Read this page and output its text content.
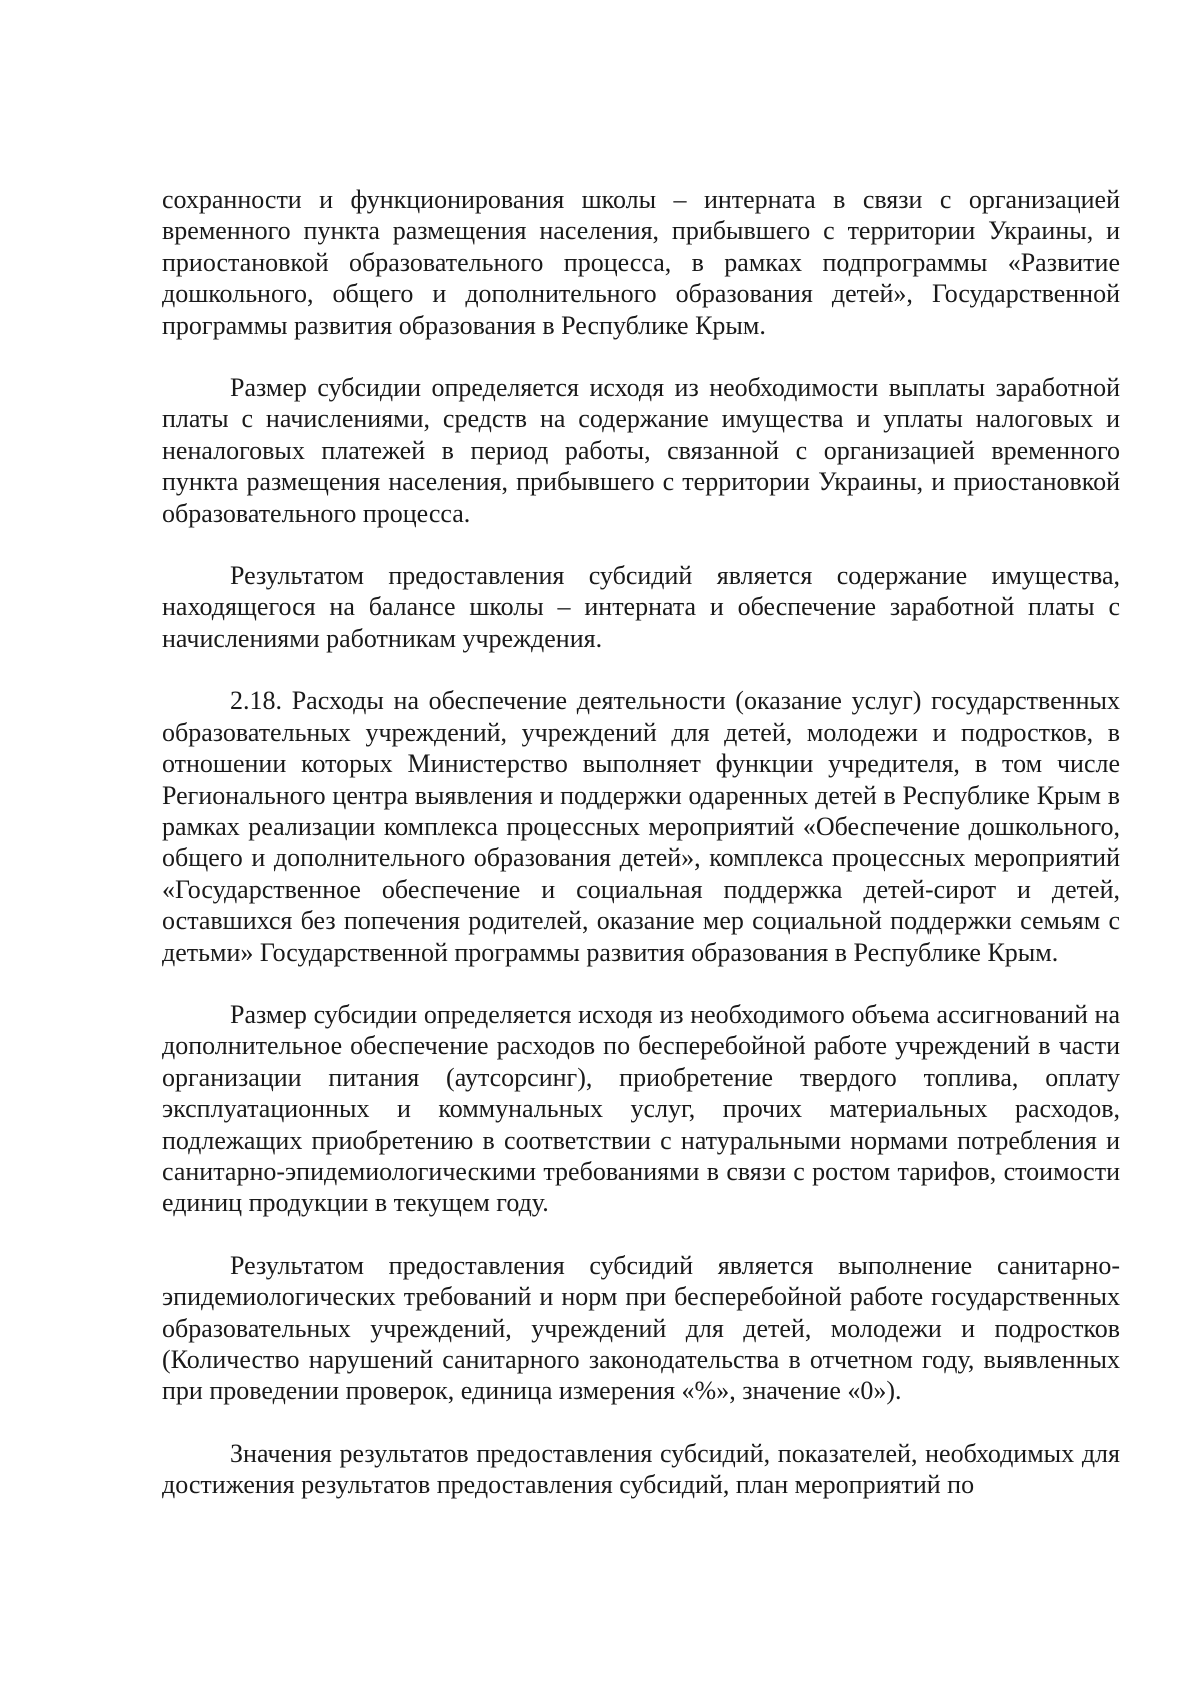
сохранности и функционирования школы – интерната в связи с организацией временного пункта размещения населения, прибывшего с территории Украины, и приостановкой образовательного процесса, в рамках подпрограммы «Развитие дошкольного, общего и дополнительного образования детей», Государственной программы развития образования в Республике Крым.

Размер субсидии определяется исходя из необходимости выплаты заработной платы с начислениями, средств на содержание имущества и уплаты налоговых и неналоговых платежей в период работы, связанной с организацией временного пункта размещения населения, прибывшего с территории Украины, и приостановкой образовательного процесса.

Результатом предоставления субсидий является содержание имущества, находящегося на балансе школы – интерната и обеспечение заработной платы с начислениями работникам учреждения.

2.18. Расходы на обеспечение деятельности (оказание услуг) государственных образовательных учреждений, учреждений для детей, молодежи и подростков, в отношении которых Министерство выполняет функции учредителя, в том числе Регионального центра выявления и поддержки одаренных детей в Республике Крым в рамках реализации комплекса процессных мероприятий «Обеспечение дошкольного, общего и дополнительного образования детей», комплекса процессных мероприятий «Государственное обеспечение и социальная поддержка детей-сирот и детей, оставшихся без попечения родителей, оказание мер социальной поддержки семьям с детьми» Государственной программы развития образования в Республике Крым.

Размер субсидии определяется исходя из необходимого объема ассигнований на дополнительное обеспечение расходов по бесперебойной работе учреждений в части организации питания (аутсорсинг), приобретение твердого топлива, оплату эксплуатационных и коммунальных услуг, прочих материальных расходов, подлежащих приобретению в соответствии с натуральными нормами потребления и санитарно-эпидемиологическими требованиями в связи с ростом тарифов, стоимости единиц продукции в текущем году.

Результатом предоставления субсидий является выполнение санитарно-эпидемиологических требований и норм при бесперебойной работе государственных образовательных учреждений, учреждений для детей, молодежи и подростков (Количество нарушений санитарного законодательства в отчетном году, выявленных при проведении проверок, единица измерения «%», значение «0»).

Значения результатов предоставления субсидий, показателей, необходимых для достижения результатов предоставления субсидий, план мероприятий по
